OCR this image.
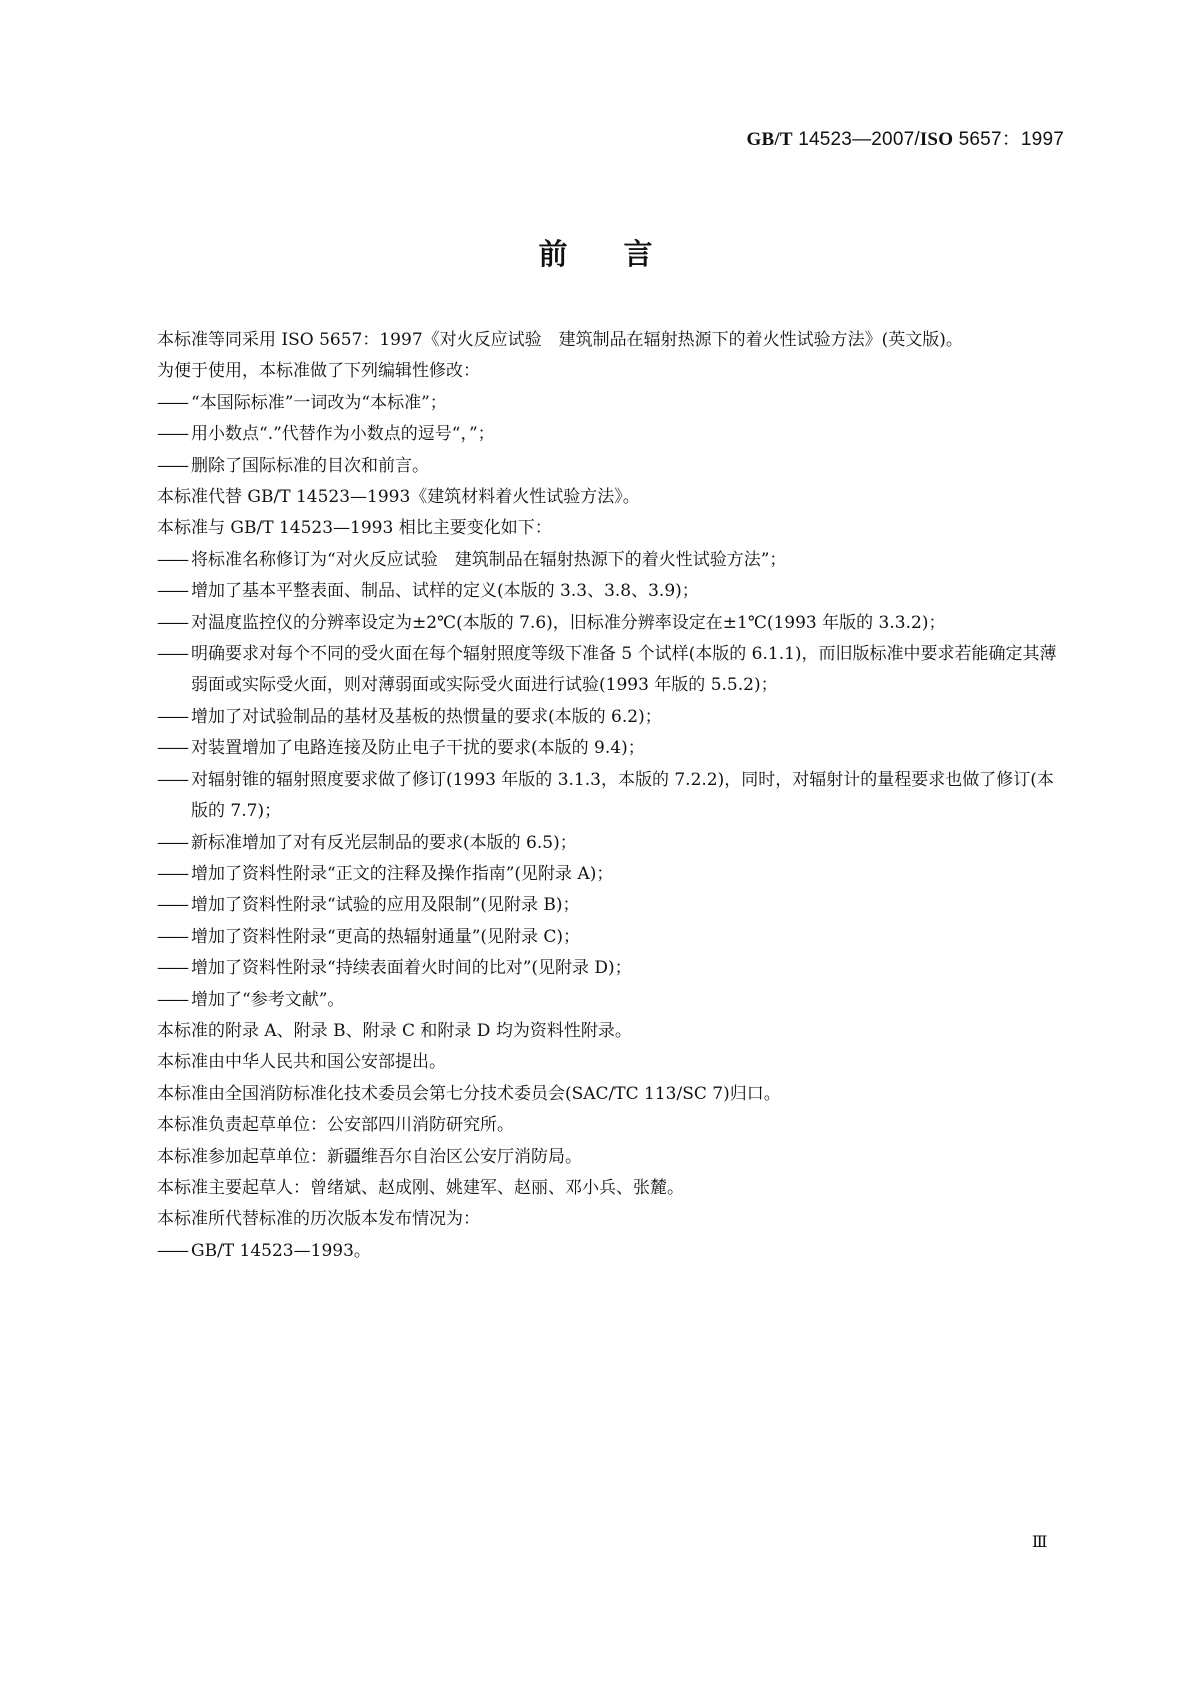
GB/T 14523—2007/ISO 5657：1997
前言

本标准等同采用 ISO 5657：1997《对火反应试验　建筑制品在辐射热源下的着火性试验方法》(英文版)。

为便于使用，本标准做了下列编辑性修改：

—— “本国际标准”一词改为“本标准”；

—— 用小数点“.”代替作为小数点的逗号“，”；

—— 删除了国际标准的目次和前言。

本标准代替 GB/T 14523—1993《建筑材料着火性试验方法》。

本标准与 GB/T 14523—1993 相比主要变化如下：

—— 将标准名称修订为“对火反应试验　建筑制品在辐射热源下的着火性试验方法”；

—— 增加了基本平整表面、制品、试样的定义(本版的 3.3、3.8、3.9)；

—— 对温度监控仪的分辨率设定为±2℃(本版的 7.6)，旧标准分辨率设定在±1℃(1993 年版的 3.3.2)；

—— 明确要求对每个不同的受火面在每个辐射照度等级下准备 5 个试样(本版的 6.1.1)，而旧版标准中要求若能确定其薄弱面或实际受火面，则对薄弱面或实际受火面进行试验(1993 年版的 5.5.2)；

—— 增加了对试验制品的基材及基板的热惯量的要求(本版的 6.2)；

—— 对装置增加了电路连接及防止电子干扰的要求(本版的 9.4)；

—— 对辐射锥的辐射照度要求做了修订(1993 年版的 3.1.3，本版的 7.2.2)，同时，对辐射计的量程要求也做了修订(本版的 7.7)；

—— 新标准增加了对有反光层制品的要求(本版的 6.5)；

—— 增加了资料性附录“正文的注释及操作指南”(见附录 A)；

—— 增加了资料性附录“试验的应用及限制”(见附录 B)；

—— 增加了资料性附录“更高的热辐射通量”(见附录 C)；

—— 增加了资料性附录“持续表面着火时间的比对”(见附录 D)；

—— 增加了“参考文献”。

本标准的附录 A、附录 B、附录 C 和附录 D 均为资料性附录。

本标准由中华人民共和国公安部提出。

本标准由全国消防标准化技术委员会第七分技术委员会(SAC/TC 113/SC 7)归口。

本标准负责起草单位：公安部四川消防研究所。

本标准参加起草单位：新疆维吾尔自治区公安厅消防局。

本标准主要起草人：曾绪斌、赵成刚、姚建军、赵丽、邓小兵、张麓。

本标准所代替标准的历次版本发布情况为：

—— GB/T 14523—1993。

Ⅲ
